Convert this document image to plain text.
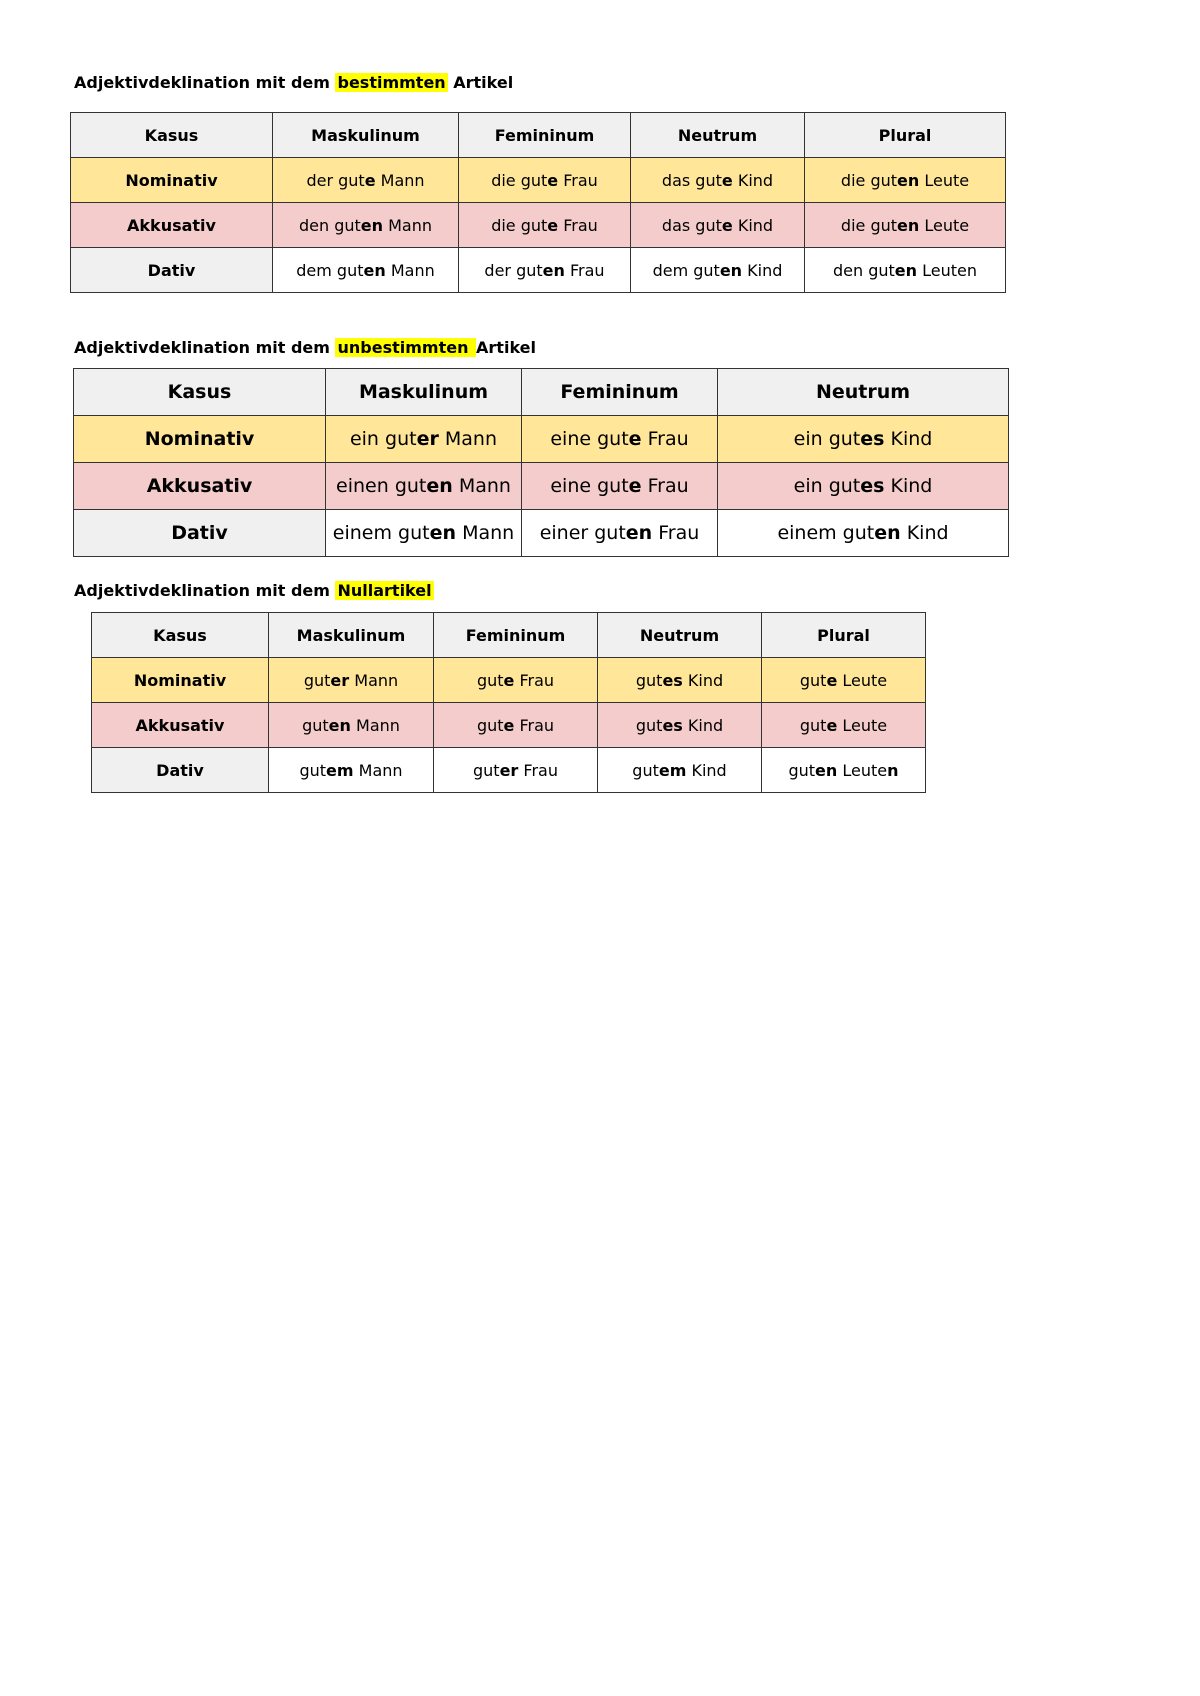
Adjektivdeklination mit dem bestimmten Artikel

Kasus	Maskulinum	Femininum	Neutrum	Plural
Nominativ	der gute Mann	die gute Frau	das gute Kind	die guten Leute
Akkusativ	den guten Mann	die gute Frau	das gute Kind	die guten Leute
Dativ	dem guten Mann	der guten Frau	dem guten Kind	den guten Leuten

Adjektivdeklination mit dem unbestimmten Artikel

Kasus	Maskulinum	Femininum	Neutrum
Nominativ	ein guter Mann	eine gute Frau	ein gutes Kind
Akkusativ	einen guten Mann	eine gute Frau	ein gutes Kind
Dativ	einem guten Mann	einer guten Frau	einem guten Kind

Adjektivdeklination mit dem Nullartikel

Kasus	Maskulinum	Femininum	Neutrum	Plural
Nominativ	guter Mann	gute Frau	gutes Kind	gute Leute
Akkusativ	guten Mann	gute Frau	gutes Kind	gute Leute
Dativ	gutem Mann	guter Frau	gutem Kind	guten Leuten
